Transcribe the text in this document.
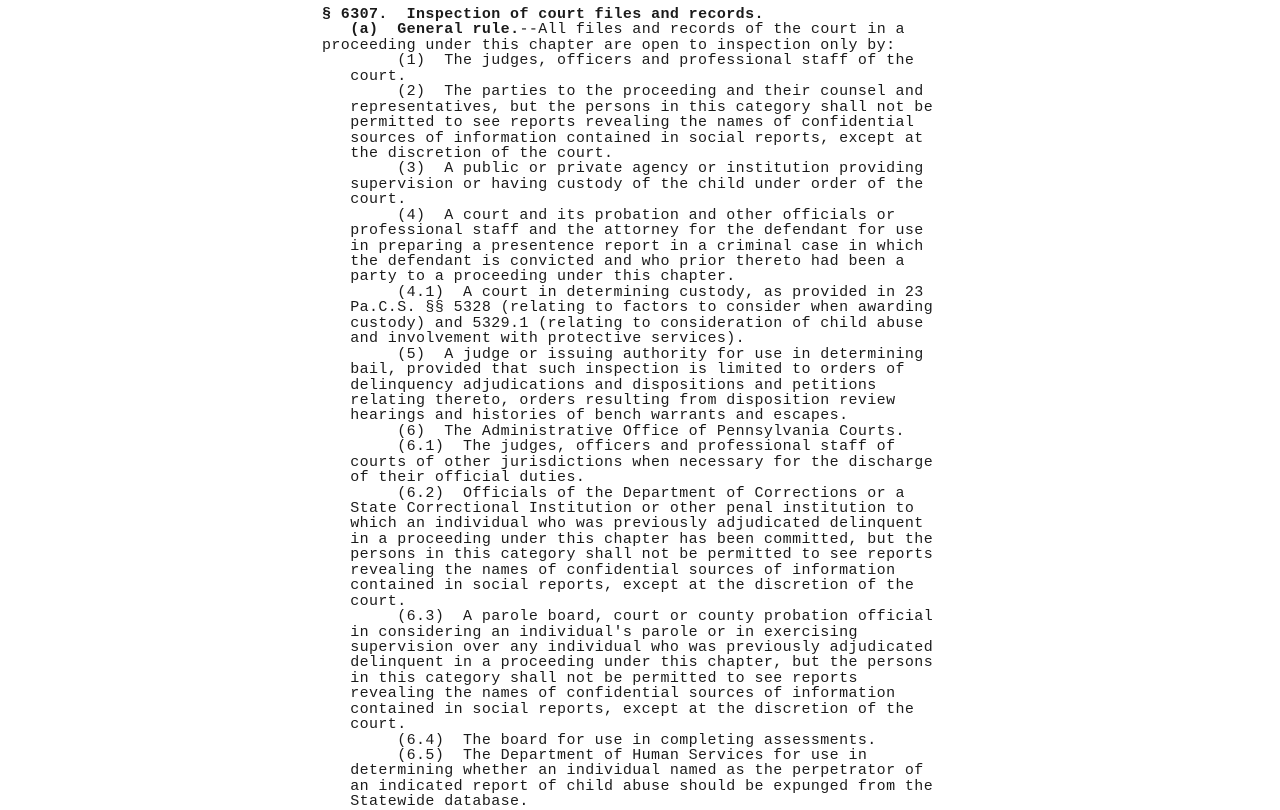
§ 6307. Inspection of court files and records.
(a) General rule.--All files and records of the court in a
proceeding under this chapter are open to inspection only by:
(1)  The judges, officers and professional staff of the
court.
(2)  The parties to the proceeding and their counsel and
representatives, but the persons in this category shall not be
permitted to see reports revealing the names of confidential
sources of information contained in social reports, except at
the discretion of the court.
(3)  A public or private agency or institution providing
supervision or having custody of the child under order of the
court.
(4)  A court and its probation and other officials or
professional staff and the attorney for the defendant for use
in preparing a presentence report in a criminal case in which
the defendant is convicted and who prior thereto had been a
party to a proceeding under this chapter.
(4.1)  A court in determining custody, as provided in 23
Pa.C.S. §§ 5328 (relating to factors to consider when awarding
custody) and 5329.1 (relating to consideration of child abuse
and involvement with protective services).
(5)  A judge or issuing authority for use in determining
bail, provided that such inspection is limited to orders of
delinquency adjudications and dispositions and petitions
relating thereto, orders resulting from disposition review
hearings and histories of bench warrants and escapes.
(6)  The Administrative Office of Pennsylvania Courts.
(6.1)  The judges, officers and professional staff of
courts of other jurisdictions when necessary for the discharge
of their official duties.
(6.2)  Officials of the Department of Corrections or a
State Correctional Institution or other penal institution to
which an individual who was previously adjudicated delinquent
in a proceeding under this chapter has been committed, but the
persons in this category shall not be permitted to see reports
revealing the names of confidential sources of information
contained in social reports, except at the discretion of the
court.
(6.3)  A parole board, court or county probation official
in considering an individual's parole or in exercising
supervision over any individual who was previously adjudicated
delinquent in a proceeding under this chapter, but the persons
in this category shall not be permitted to see reports
revealing the names of confidential sources of information
contained in social reports, except at the discretion of the
court.
(6.4)  The board for use in completing assessments.
(6.5)  The Department of Human Services for use in
determining whether an individual named as the perpetrator of
an indicated report of child abuse should be expunged from the
Statewide database.
